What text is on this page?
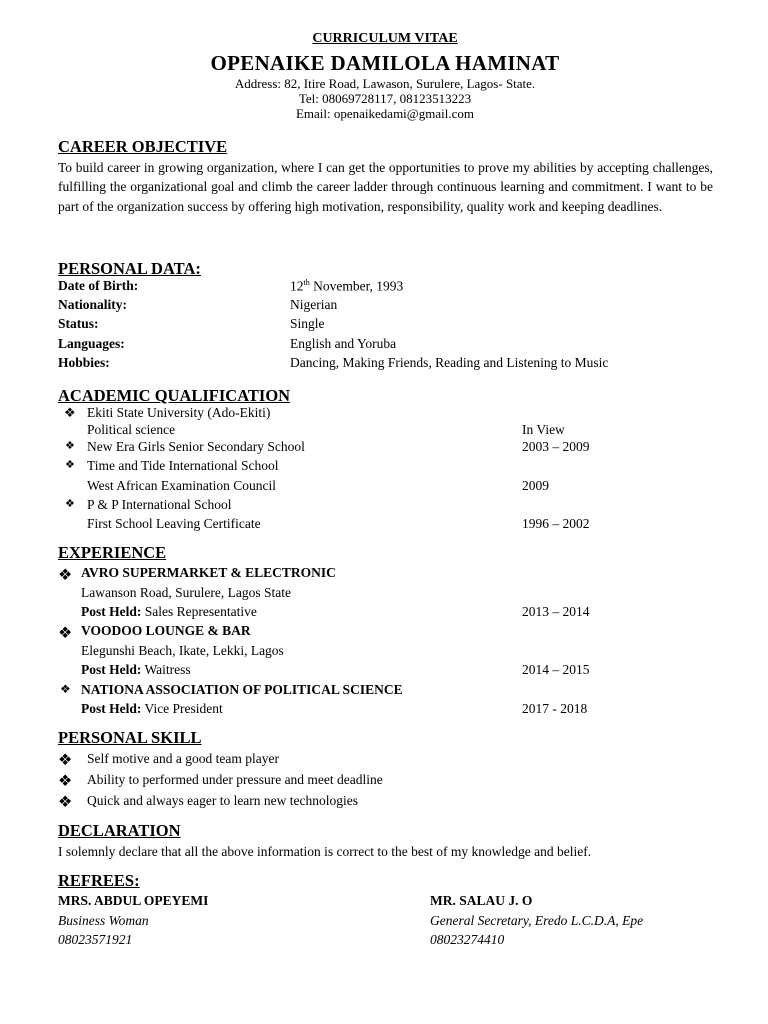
CURRICULUM VITAE
OPENAIKE DAMILOLA HAMINAT
Address: 82, Itire Road, Lawason, Surulere, Lagos- State.
Tel: 08069728117, 08123513223
Email: openaikedami@gmail.com
CAREER OBJECTIVE
To build career in growing organization, where I can get the opportunities to prove my abilities by accepting challenges, fulfilling the organizational goal and climb the career ladder through continuous learning and commitment. I want to be part of the organization success by offering high motivation, responsibility, quality work and keeping deadlines.
PERSONAL DATA:
Date of Birth:	12th November, 1993
Nationality:	Nigerian
Status:	Single
Languages:	English and Yoruba
Hobbies:	Dancing, Making Friends, Reading and Listening to Music
ACADEMIC QUALIFICATION
❖ Ekiti State University (Ado-Ekiti)
Political science	In View
❖ New Era Girls Senior Secondary School	2003 – 2009
❖ Time and Tide International School
West African Examination Council	2009
❖ P & P International School
First School Leaving Certificate	1996 – 2002
EXPERIENCE
❖ AVRO SUPERMARKET & ELECTRONIC
Lawanson Road, Surulere, Lagos State
Post Held: Sales Representative	2013 – 2014
❖ VOODOO LOUNGE & BAR
Elegunshi Beach, Ikate, Lekki, Lagos
Post Held: Waitress	2014 – 2015
❖ NATIONA ASSOCIATION OF POLITICAL SCIENCE
Post Held: Vice President	2017 - 2018
PERSONAL SKILL
❖ Self motive and a good team player
❖ Ability to performed under pressure and meet deadline
❖ Quick and always eager to learn new technologies
DECLARATION
I solemnly declare that all the above information is correct to the best of my knowledge and belief.
REFREES:
MRS. ABDUL OPEYEMI
Business Woman
08023571921
MR. SALAU J. O
General Secretary, Eredo L.C.D.A, Epe
08023274410
